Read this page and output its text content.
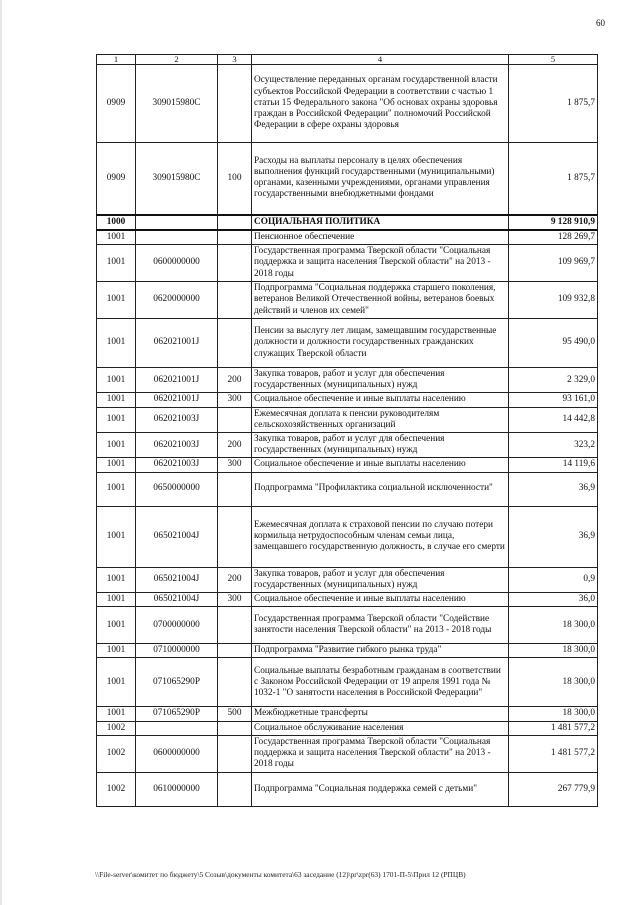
60
1	2	3	4	5
0909	309015980С		Осуществление переданных органам государственной власти субъектов Российской Федерации в соответствии с частью 1 статьи 15 Федерального закона "Об основах охраны здоровья граждан в Российской Федерации" полномочий Российской Федерации в сфере охраны здоровья	1 875,7
0909	309015980С	100	Расходы на выплаты персоналу в целях обеспечения выполнения функций государственными (муниципальными) органами, казенными учреждениями, органами управления государственными внебюджетными фондами	1 875,7
1000			СОЦИАЛЬНАЯ ПОЛИТИКА	9 128 910,9
1001			Пенсионное обеспечение	128 269,7
1001	0600000000		Государственная программа Тверской области "Социальная поддержка и защита населения Тверской области" на 2013 - 2018 годы	109 969,7
1001	0620000000		Подпрограмма "Социальная поддержка старшего поколения, ветеранов Великой Отечественной войны, ветеранов боевых действий и членов их семей"	109 932,8
1001	062021001J		Пенсии за выслугу лет лицам, замещавшим государственные должности и должности государственных гражданских служащих Тверской области	95 490,0
1001	062021001J	200	Закупка товаров, работ и услуг для обеспечения государственных (муниципальных) нужд	2 329,0
1001	062021001J	300	Социальное обеспечение и иные выплаты населению	93 161,0
1001	062021003J		Ежемесячная доплата к пенсии руководителям сельскохозяйственных организаций	14 442,8
1001	062021003J	200	Закупка товаров, работ и услуг для обеспечения государственных (муниципальных) нужд	323,2
1001	062021003J	300	Социальное обеспечение и иные выплаты населению	14 119,6
1001	0650000000		Подпрограмма "Профилактика социальной исключенности"	36,9
1001	065021004J		Ежемесячная доплата к страховой пенсии по случаю потери кормильца нетрудоспособным членам семьи лица, замещавшего государственную должность, в случае его смерти	36,9
1001	065021004J	200	Закупка товаров, работ и услуг для обеспечения государственных (муниципальных) нужд	0,9
1001	065021004J	300	Социальное обеспечение и иные выплаты населению	36,0
1001	0700000000		Государственная программа Тверской области "Содействие занятости населения Тверской области" на 2013 - 2018 годы	18 300,0
1001	0710000000		Подпрограмма "Развитие гибкого рынка труда"	18 300,0
1001	071065290P		Социальные выплаты безработным гражданам в соответствии с Законом Российской Федерации от 19 апреля 1991 года № 1032-1 "О занятости населения в Российской Федерации"	18 300,0
1001	071065290P	500	Межбюджетные трансферты	18 300,0
1002			Социальное обслуживание населения	1 481 577,2
1002	0600000000		Государственная программа Тверской области "Социальная поддержка и защита населения Тверской области" на 2013 - 2018 годы	1 481 577,2
1002	0610000000		Подпрограмма "Социальная поддержка семей с детьми"	267 779,9
\\File-server\комитет по бюджету\5 Созыв\документы комитета\63 заседание (12)\pr\zpr(63) 1701-П-5\Прил 12 (РПЦВ)
